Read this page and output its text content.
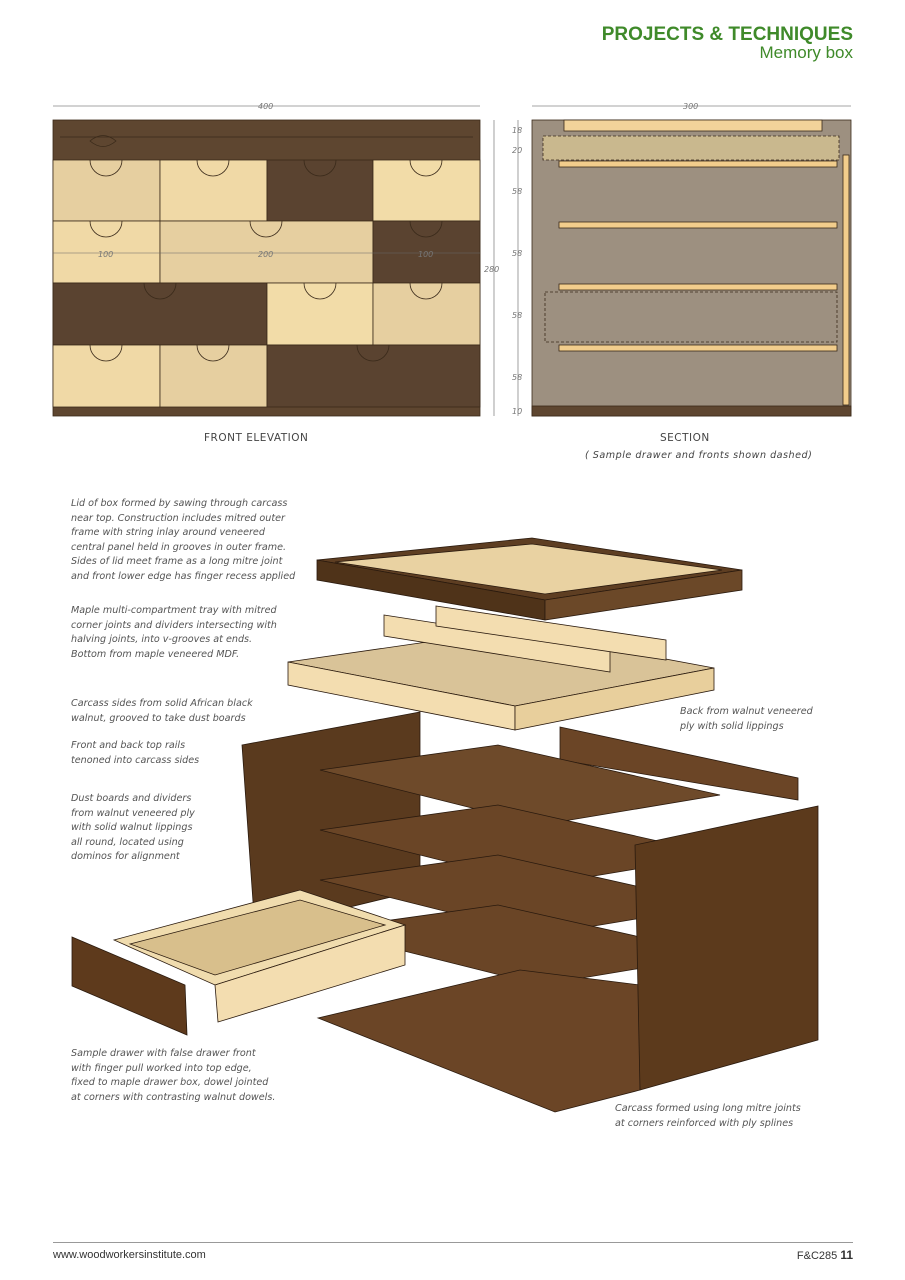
PROJECTS & TECHNIQUES
Memory box
400
100	200	100
280
300
18
20
58
58
58
58
10
FRONT ELEVATION	SECTION
( Sample drawer and fronts shown dashed)
Lid of box formed by sawing through carcass
near top. Construction includes mitred outer
frame with string inlay around veneered
central panel held in grooves in outer frame.
Sides of lid meet frame as a long mitre joint
and front lower edge has finger recess applied
Maple multi-compartment tray with mitred
corner joints and dividers intersecting with
halving joints, into v-grooves at ends.
Bottom from maple veneered MDF.
Carcass sides from solid African black
walnut, grooved to take dust boards
Front and back top rails
tenoned into carcass sides
Dust boards and dividers
from walnut veneered ply
with solid walnut lippings
all round, located using
dominos for alignment
Back from walnut veneered
ply with solid lippings
Sample drawer with false drawer front
with finger pull worked into top edge,
fixed to maple drawer box, dowel jointed
at corners with contrasting walnut dowels.
Carcass formed using long mitre joints
at corners reinforced with ply splines
www.woodworkersinstitute.com	F&C285 11
